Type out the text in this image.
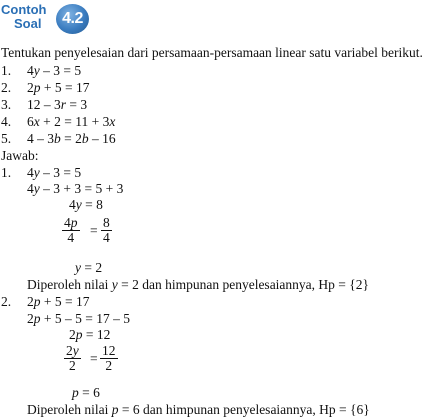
Contoh
Soal 4.2
Tentukan penyelesaian dari persamaan-persamaan linear satu variabel berikut.
1. 4y – 3 = 5
2. 2p + 5 = 17
3. 12 – 3r = 3
4. 6x + 2 = 11 + 3x
5. 4 – 3b = 2b – 16
Jawab:
1. 4y – 3 = 5
4y – 3 + 3 = 5 + 3
4y = 8
$\frac{4p}{4} = \frac{8}{4}$
y = 2
Diperoleh nilai y = 2 dan himpunan penyelesaiannya, Hp = {2}
2. 2p + 5 = 17
2p + 5 – 5 = 17 – 5
2p = 12
$\frac{2y}{2} = \frac{12}{2}$
p = 6
Diperoleh nilai p = 6 dan himpunan penyelesaiannya, Hp = {6}
